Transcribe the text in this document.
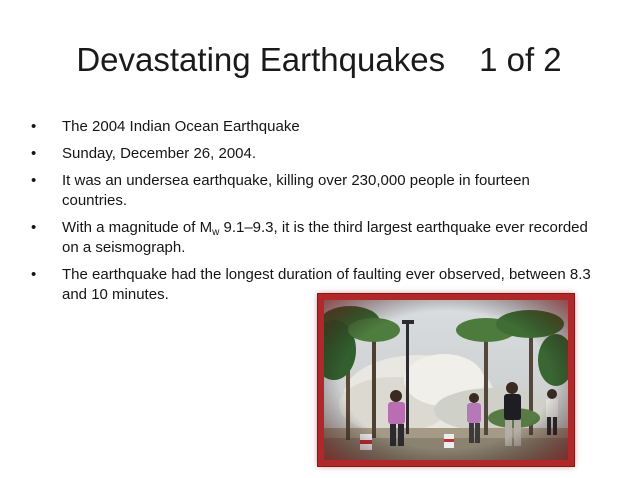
Devastating Earthquakes 1 of 2
• The 2004 Indian Ocean Earthquake
• Sunday, December 26, 2004.
• It was an undersea earthquake, killing over 230,000 people in fourteen countries.
• With a magnitude of $M_w$ 9.1–9.3, it is the third largest earthquake ever recorded on a seismograph.
• The earthquake had the longest duration of faulting ever observed, between 8.3 and 10 minutes.
